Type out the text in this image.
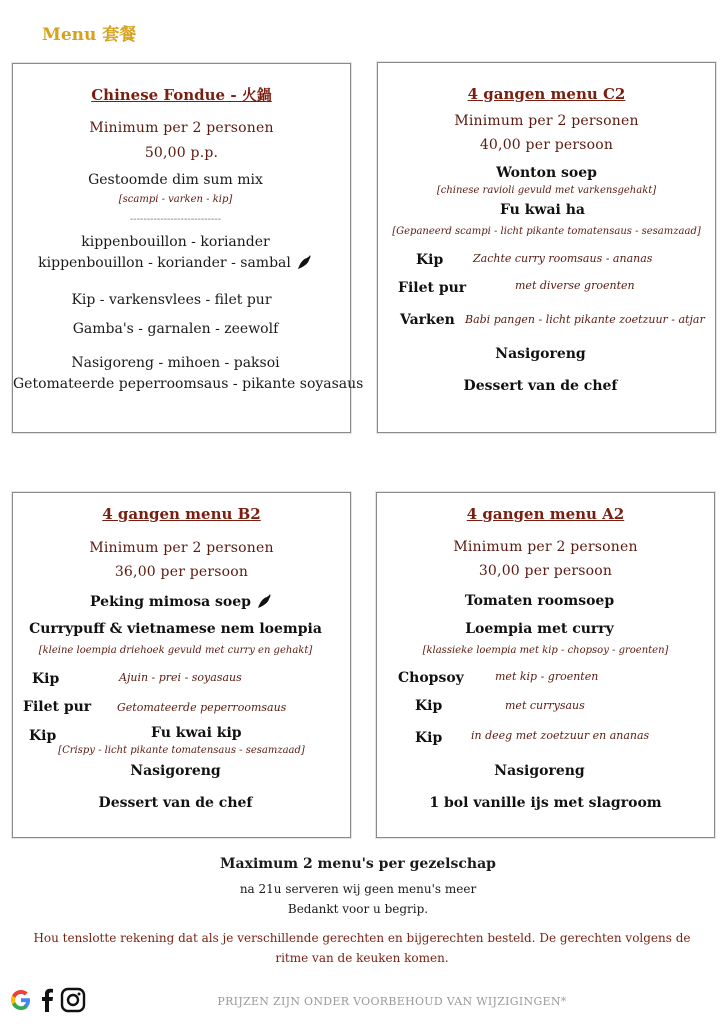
Menu 套餐
Chinese Fondue - 火鍋
Minimum per 2 personen
50,00 p.p.
Gestoomde dim sum mix
[scampi - varken - kip]
---------------------------
kippenbouillon - koriander
kippenbouillon - koriander - sambal
Kip - varkensvlees - filet pur
Gamba's - garnalen - zeewolf
Nasigoreng - mihoen - paksoi
Getomateerde peperroomsaus - pikante soyasaus
4 gangen menu C2
Minimum per 2 personen
40,00 per persoon
Wonton soep
[chinese ravioli gevuld met varkensgehakt]
Fu kwai ha
[Gepaneerd scampi - licht pikante tomatensaus - sesamzaad]
Kip	Zachte curry roomsaus - ananas
Filet pur	met diverse groenten
Varken Babi pangen - licht pikante zoetzuur - atjar
Nasigoreng
Dessert van de chef
4 gangen menu B2
Minimum per 2 personen
36,00 per persoon
Peking mimosa soep
Currypuff & vietnamese nem loempia
[kleine loempia driehoek gevuld met curry en gehakt]
Kip	Ajuin - prei - soyasaus
Filet pur Getomateerde peperroomsaus
Kip	Fu kwai kip
[Crispy - licht pikante tomatensaus - sesamzaad]
Nasigoreng
Dessert van de chef
4 gangen menu A2
Minimum per 2 personen
30,00 per persoon
Tomaten roomsoep
Loempia met curry
[klassieke loempia met kip - chopsoy - groenten]
Chopsoy	met kip - groenten
Kip	met currysaus
Kip	in deeg met zoetzuur en ananas
Nasigoreng
1 bol vanille ijs met slagroom
Maximum 2 menu's per gezelschap
na 21u serveren wij geen menu's meer
Bedankt voor u begrip.
Hou tenslotte rekening dat als je verschillende gerechten en bijgerechten besteld. De gerechten volgens de
ritme van de keuken komen.
PRIJZEN ZIJN ONDER VOORBEHOUD VAN WIJZIGINGEN*
